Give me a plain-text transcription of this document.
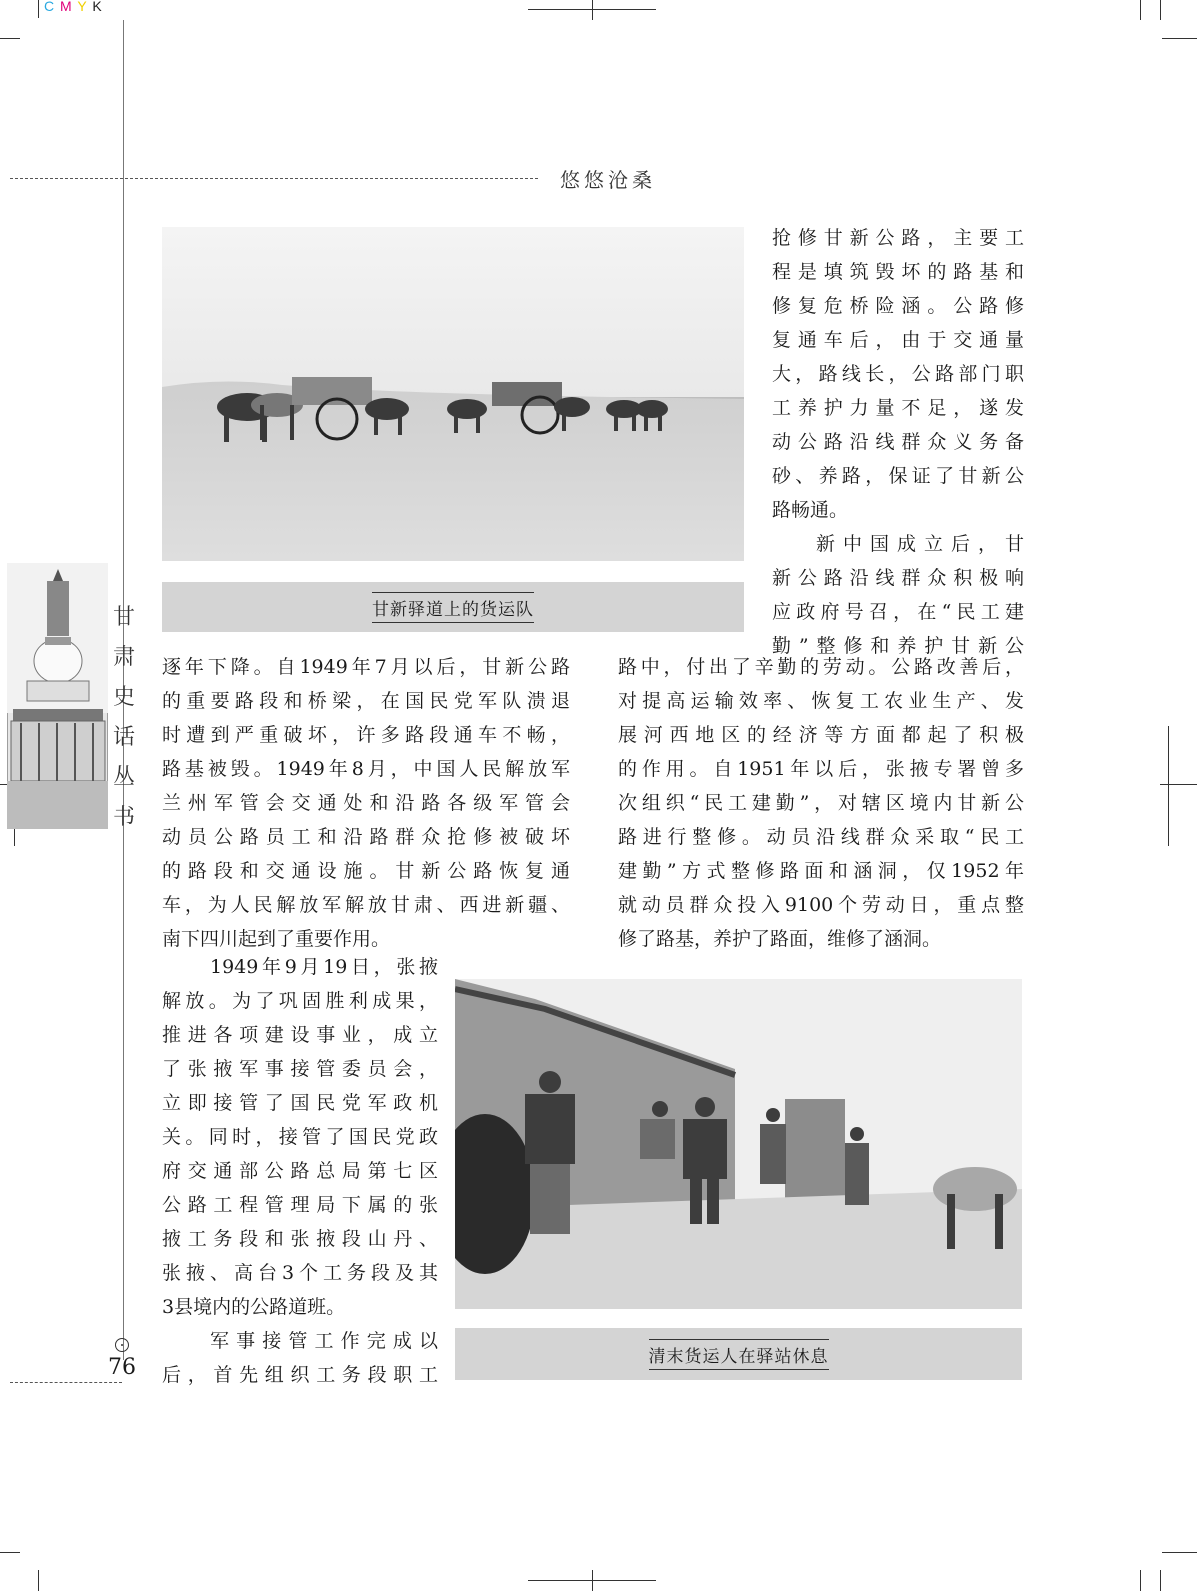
C M Y K
悠悠沧桑
甘
肃
史
话
丛
书
甘新驿道上的货运队

抢修甘新公路，主要工

程是填筑毁坏的路基和

修复危桥险涵。公路修

复通车后，由于交通量

大，路线长，公路部门职

工养护力量不足，遂发

动公路沿线群众义务备

砂、养路，保证了甘新公

路畅通。

新中国成立后，甘

新公路沿线群众积极响

应政府号召，在“民工建

勤”整修和养护甘新公

路中，付出了辛勤的劳动。公路改善后，

对提高运输效率、恢复工农业生产、发

展河西地区的经济等方面都起了积极

的作用。自1951年以后，张掖专署曾多

次组织“民工建勤”，对辖区境内甘新公

路进行整修。动员沿线群众采取“民工

建勤”方式整修路面和涵洞，仅1952年

就动员群众投入9100个劳动日，重点整

修了路基，养护了路面，维修了涵洞。

逐年下降。自1949年7月以后，甘新公路

的重要路段和桥梁，在国民党军队溃退

时遭到严重破坏，许多路段通车不畅，

路基被毁。1949年8月，中国人民解放军

兰州军管会交通处和沿路各级军管会

动员公路员工和沿路群众抢修被破坏

的路段和交通设施。甘新公路恢复通

车，为人民解放军解放甘肃、西进新疆、

南下四川起到了重要作用。

1949年9月19日，张掖

解放。为了巩固胜利成果，

推进各项建设事业，成立

了张掖军事接管委员会，

立即接管了国民党军政机

关。同时，接管了国民党政

府交通部公路总局第七区

公路工程管理局下属的张

掖工务段和张掖段山丹、

张掖、高台3个工务段及其

3县境内的公路道班。

军事接管工作完成以

后，首先组织工务段职工

清末货运人在驿站休息
76
